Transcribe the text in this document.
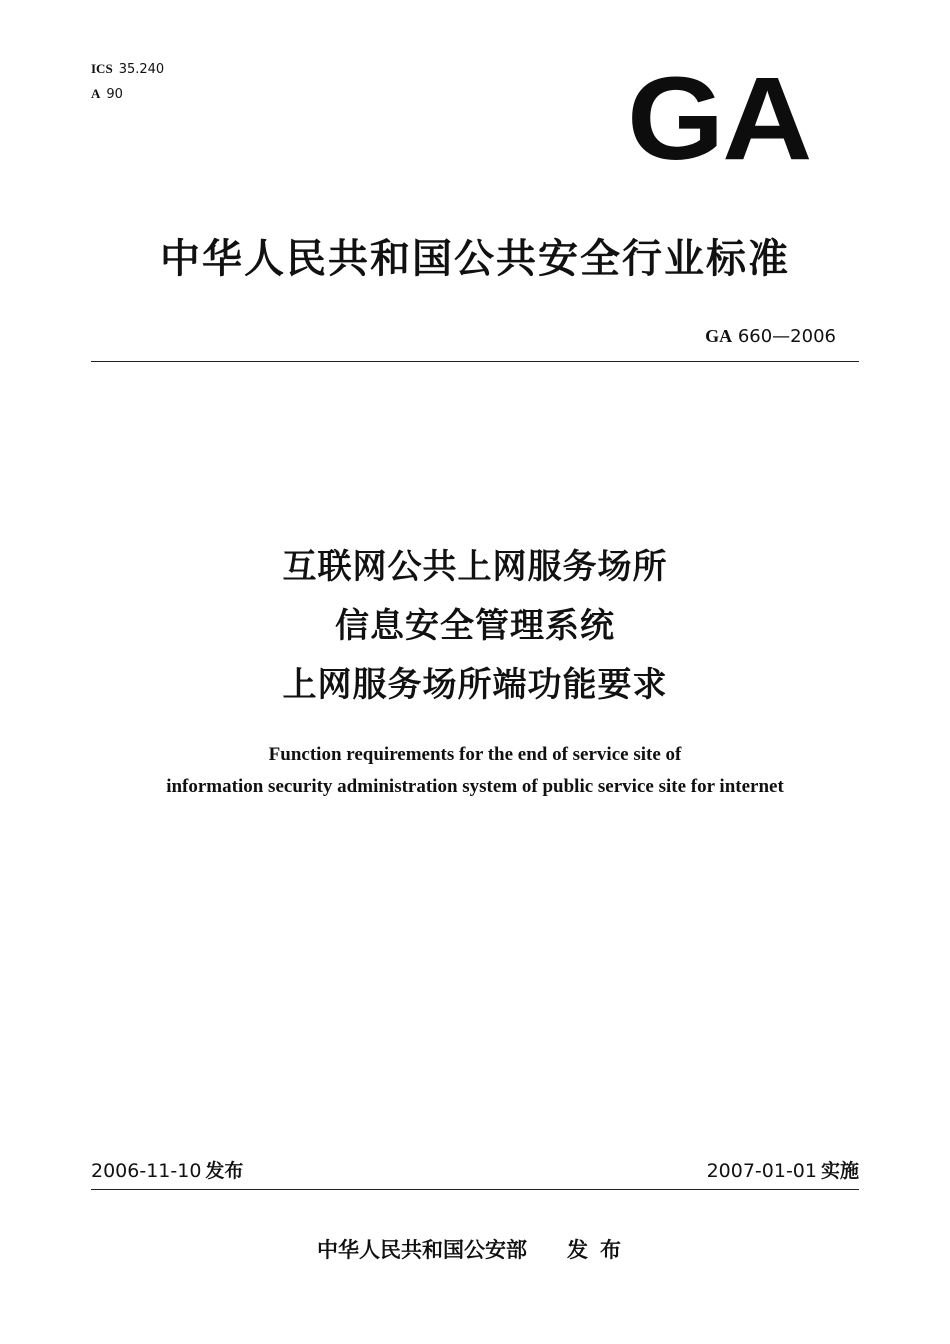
ICS 35.240
A 90	GA
中华人民共和国公共安全行业标准
GA 660—2006
互联网公共上网服务场所
信息安全管理系统
上网服务场所端功能要求
Function requirements for the end of service site of
information security administration system of public service site for internet
2006-11-10 发布	2007-01-01 实施
中华人民共和国公安部 发布
